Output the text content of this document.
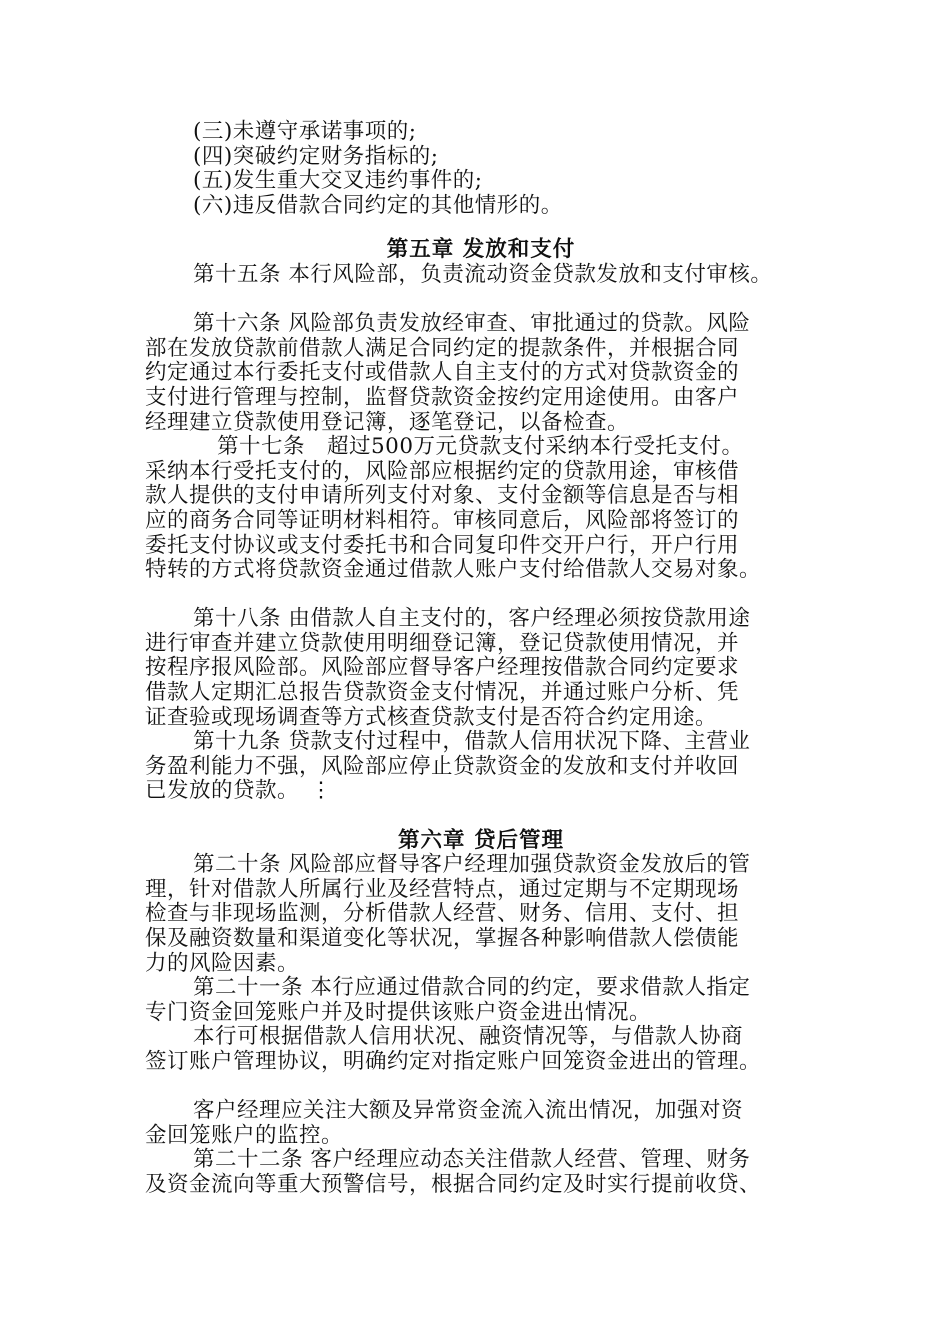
(三)未遵守承诺事项的;
(四)突破约定财务指标的;
(五)发生重大交叉违约事件的;
(六)违反借款合同约定的其他情形的。
第五章 发放和支付
第十五条 本行风险部，负责流动资金贷款发放和支付审核。
第十六条 风险部负责发放经审查、审批通过的贷款。风险
部在发放贷款前借款人满足合同约定的提款条件，并根据合同
约定通过本行委托支付或借款人自主支付的方式对贷款资金的
支付进行管理与控制，监督贷款资金按约定用途使用。由客户
经理建立贷款使用登记簿，逐笔登记，以备检查。
第十七条　超过500万元贷款支付采纳本行受托支付。
采纳本行受托支付的，风险部应根据约定的贷款用途，审核借
款人提供的支付申请所列支付对象、支付金额等信息是否与相
应的商务合同等证明材料相符。审核同意后，风险部将签订的
委托支付协议或支付委托书和合同复印件交开户行，开户行用
特转的方式将贷款资金通过借款人账户支付给借款人交易对象。
第十八条 由借款人自主支付的，客户经理必须按贷款用途
进行审查并建立贷款使用明细登记簿，登记贷款使用情况，并
按程序报风险部。风险部应督导客户经理按借款合同约定要求
借款人定期汇总报告贷款资金支付情况，并通过账户分析、凭
证查验或现场调查等方式核查贷款支付是否符合约定用途。
第十九条 贷款支付过程中，借款人信用状况下降、主营业
务盈利能力不强，风险部应停止贷款资金的发放和支付并收回
已发放的贷款。　⋮
第六章 贷后管理
第二十条 风险部应督导客户经理加强贷款资金发放后的管
理，针对借款人所属行业及经营特点，通过定期与不定期现场
检查与非现场监测，分析借款人经营、财务、信用、支付、担
保及融资数量和渠道变化等状况，掌握各种影响借款人偿债能
力的风险因素。
第二十一条 本行应通过借款合同的约定，要求借款人指定
专门资金回笼账户并及时提供该账户资金进出情况。
本行可根据借款人信用状况、融资情况等，与借款人协商
签订账户管理协议，明确约定对指定账户回笼资金进出的管理。
客户经理应关注大额及异常资金流入流出情况，加强对资
金回笼账户的监控。
第二十二条 客户经理应动态关注借款人经营、管理、财务
及资金流向等重大预警信号，根据合同约定及时实行提前收贷、
